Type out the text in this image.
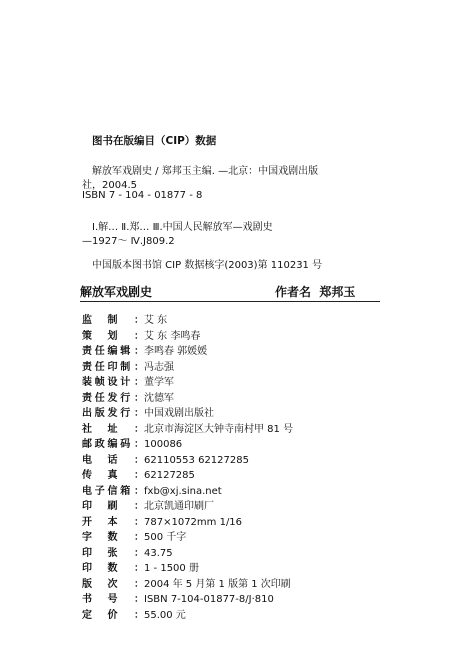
图书在版编目（CIP）数据
解放军戏剧史 / 郑邦玉主编. —北京：中国戏剧出版
社，2004.5
ISBN 7 - 104 - 01877 - 8
Ⅰ.解… Ⅱ.郑… Ⅲ.中国人民解放军—戏剧史
—1927～ Ⅳ.J809.2
中国版本图书馆 CIP 数据核字(2003)第 110231 号
解放军戏剧史	作者名 郑邦玉
监 制 ： 艾 东
策 划 ： 艾 东 李鸣春
责 任 编 辑 ： 李鸣春 郭媛媛
责 任 印 制 ： 冯志强
装 帧 设 计 ： 董学军
责 任 发 行 ： 沈德军
出 版 发 行 ： 中国戏剧出版社
社 址 ： 北京市海淀区大钟寺南村甲 81 号
邮 政 编 码 ： 100086
电 话 ： 62110553 62127285
传 真 ： 62127285
电 子 信 箱 ： fxb@xj.sina.net
印 刷 ： 北京凯通印刷厂
开 本 ： 787×1072mm 1/16
字 数 ： 500 千字
印 张 ： 43.75
印 数 ： 1 - 1500 册
版 次 ： 2004 年 5 月第 1 版第 1 次印刷
书 号 ： ISBN 7-104-01877-8/J·810
定 价 ： 55.00 元
